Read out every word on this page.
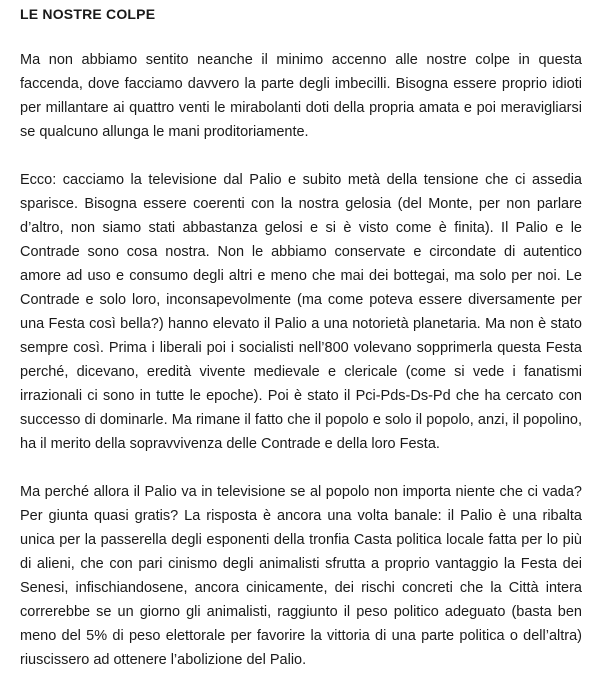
LE NOSTRE COLPE

Ma non abbiamo sentito neanche il minimo accenno alle nostre colpe in questa faccenda, dove facciamo davvero la parte degli imbecilli. Bisogna essere proprio idioti per millantare ai quattro venti le mirabolanti doti della propria amata e poi meravigliarsi se qualcuno allunga le mani proditoriamente.

Ecco: cacciamo la televisione dal Palio e subito metà della tensione che ci assedia sparisce. Bisogna essere coerenti con la nostra gelosia (del Monte, per non parlare d’altro, non siamo stati abbastanza gelosi e si è visto come è finita). Il Palio e le Contrade sono cosa nostra. Non le abbiamo conservate e circondate di autentico amore ad uso e consumo degli altri e meno che mai dei bottegai, ma solo per noi. Le Contrade e solo loro, inconsapevolmente (ma come poteva essere diversamente per una Festa così bella?) hanno elevato il Palio a una notorietà planetaria. Ma non è stato sempre così. Prima i liberali poi i socialisti nell’800 volevano sopprimerla questa Festa perché, dicevano, eredità vivente medievale e clericale (come si vede i fanatismi irrazionali ci sono in tutte le epoche). Poi è stato il Pci-Pds-Ds-Pd che ha cercato con successo di dominarle. Ma rimane il fatto che il popolo e solo il popolo, anzi, il popolino, ha il merito della sopravvivenza delle Contrade e della loro Festa.

Ma perché allora il Palio va in televisione se al popolo non importa niente che ci vada? Per giunta quasi gratis? La risposta è ancora una volta banale: il Palio è una ribalta unica per la passerella degli esponenti della tronfia Casta politica locale fatta per lo più di alieni, che con pari cinismo degli animalisti sfrutta a proprio vantaggio la Festa dei Senesi, infischiandosene, ancora cinicamente, dei rischi concreti che la Città intera correrebbe se un giorno gli animalisti, raggiunto il peso politico adeguato (basta ben meno del 5% di peso elettorale per favorire la vittoria di una parte politica o dell’altra) riuscissero ad ottenere l’abolizione del Palio.
